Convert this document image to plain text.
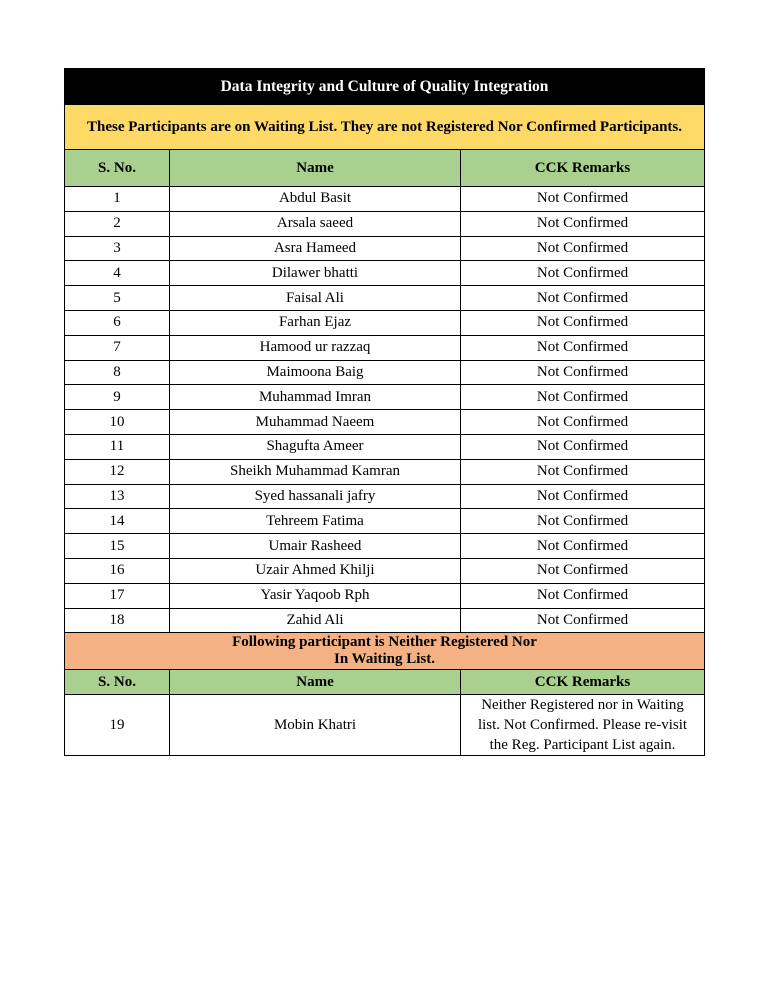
Data Integrity and Culture of Quality Integration		
These Participants are on Waiting List. They are not Registered Nor Confirmed Participants.		
S. No.	Name	CCK Remarks
1	Abdul Basit	Not Confirmed
2	Arsala saeed	Not Confirmed
3	Asra Hameed	Not Confirmed
4	Dilawer bhatti	Not Confirmed
5	Faisal Ali	Not Confirmed
6	Farhan Ejaz	Not Confirmed
7	Hamood ur razzaq	Not Confirmed
8	Maimoona Baig	Not Confirmed
9	Muhammad Imran	Not Confirmed
10	Muhammad Naeem	Not Confirmed
11	Shagufta Ameer	Not Confirmed
12	Sheikh Muhammad Kamran	Not Confirmed
13	Syed hassanali jafry	Not Confirmed
14	Tehreem Fatima	Not Confirmed
15	Umair Rasheed	Not Confirmed
16	Uzair Ahmed Khilji	Not Confirmed
17	Yasir Yaqoob Rph	Not Confirmed
18	Zahid Ali	Not Confirmed
Following participant is Neither Registered Nor
In Waiting List.		
S. No.	Name	CCK Remarks
19	Mobin Khatri	Neither Registered nor in Waiting
list. Not Confirmed. Please re-visit
the Reg. Participant List again.
